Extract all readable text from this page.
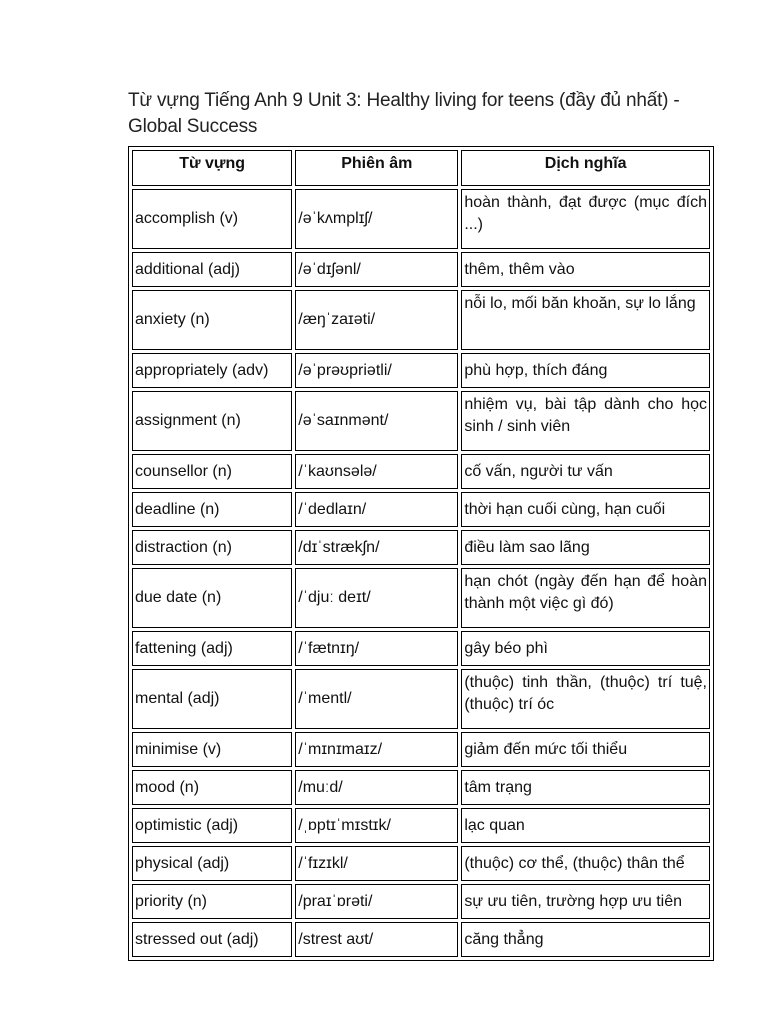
Từ vựng Tiếng Anh 9 Unit 3: Healthy living for teens (đầy đủ nhất) - Global Success
Từ vựng	Phiên âm	Dịch nghĩa
accomplish (v)	/əˈkʌmplɪʃ/	hoàn thành, đạt được (mục đích ...)
additional (adj)	/əˈdɪʃənl/	thêm, thêm vào
anxiety (n)	/æŋˈzaɪəti/	nỗi lo, mối băn khoăn, sự lo lắng
appropriately (adv)	/əˈprəʊpriətli/	phù hợp, thích đáng
assignment (n)	/əˈsaɪnmənt/	nhiệm vụ, bài tập dành cho học sinh / sinh viên
counsellor (n)	/ˈkaʊnsələ/	cố vấn, người tư vấn
deadline (n)	/ˈdedlaɪn/	thời hạn cuối cùng, hạn cuối
distraction (n)	/dɪˈstrækʃn/	điều làm sao lãng
due date (n)	/ˈdjuː deɪt/	hạn chót (ngày đến hạn để hoàn thành một việc gì đó)
fattening (adj)	/ˈfætnɪŋ/	gây béo phì
mental (adj)	/ˈmentl/	(thuộc) tinh thần, (thuộc) trí tuệ, (thuộc) trí óc
minimise (v)	/ˈmɪnɪmaɪz/	giảm đến mức tối thiểu
mood (n)	/muːd/	tâm trạng
optimistic (adj)	/ˌɒptɪˈmɪstɪk/	lạc quan
physical (adj)	/ˈfɪzɪkl/	(thuộc) cơ thể, (thuộc) thân thể
priority (n)	/praɪˈɒrəti/	sự ưu tiên, trường hợp ưu tiên
stressed out (adj)	/strest aʊt/	căng thẳng
